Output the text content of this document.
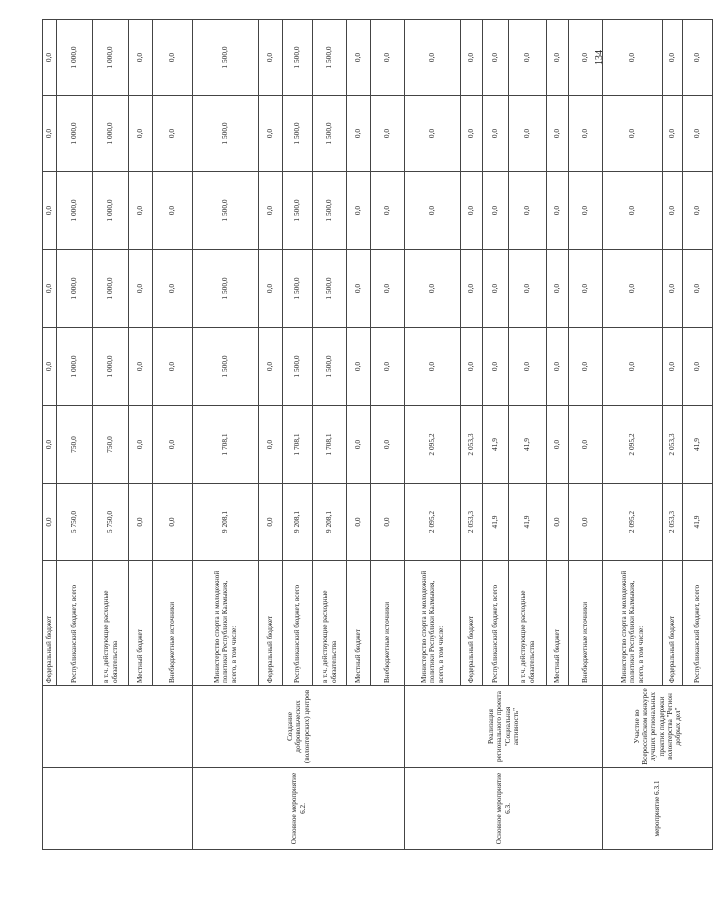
134
		Федеральный бюджет	0,0	0,0	0,0	0,0	0,0	0,0	0,0
		Республиканский бюджет, всего	5 750,0	750,0	1 000,0	1 000,0	1 000,0	1 000,0	1 000,0
		в т.ч. действующие расходные обязательства	5 750,0	750,0	1 000,0	1 000,0	1 000,0	1 000,0	1 000,0
		Местный бюджет	0,0	0,0	0,0	0,0	0,0	0,0	0,0
		Внебюджетные источники	0,0	0,0	0,0	0,0	0,0	0,0	0,0
Основное мероприятие 6.2.	Создание добровольческих (волонтерских) центров	Министерство спорта и молодежной политики Республики Калмыкия, всего, в том числе:	9 208,1	1 708,1	1 500,0	1 500,0	1 500,0	1 500,0	1 500,0
		Федеральный бюджет	0,0	0,0	0,0	0,0	0,0	0,0	0,0
		Республиканский бюджет, всего	9 208,1	1 708,1	1 500,0	1 500,0	1 500,0	1 500,0	1 500,0
		в т.ч. действующие расходные обязательства	9 208,1	1 708,1	1 500,0	1 500,0	1 500,0	1 500,0	1 500,0
		Местный бюджет	0,0	0,0	0,0	0,0	0,0	0,0	0,0
		Внебюджетные источники	0,0	0,0	0,0	0,0	0,0	0,0	0,0
Основное мероприятие 6.3.	Реализация регионального проекта "Социальная активность"	Министерство спорта и молодежной политики Республики Калмыкия, всего, в том числе:	2 095,2	2 095,2	0,0	0,0	0,0	0,0	0,0
		Федеральный бюджет	2 053,3	2 053,3	0,0	0,0	0,0	0,0	0,0
		Республиканский бюджет, всего	41,9	41,9	0,0	0,0	0,0	0,0	0,0
		в т.ч. действующие расходные обязательства	41,9	41,9	0,0	0,0	0,0	0,0	0,0
		Местный бюджет	0,0	0,0	0,0	0,0	0,0	0,0	0,0
		Внебюджетные источники	0,0	0,0	0,0	0,0	0,0	0,0	0,0
мероприятие 6.3.1	Участие во Всероссийском конкурсе лучших региональных практик поддержки волонтерства "Регион добрых дел"	Министерство спорта и молодежной политики Республики Калмыкия, всего, в том числе:	2 095,2	2 095,2	0,0	0,0	0,0	0,0	0,0
		Федеральный бюджет	2 053,3	2 053,3	0,0	0,0	0,0	0,0	0,0
		Республиканский бюджет, всего	41,9	41,9	0,0	0,0	0,0	0,0	0,0
